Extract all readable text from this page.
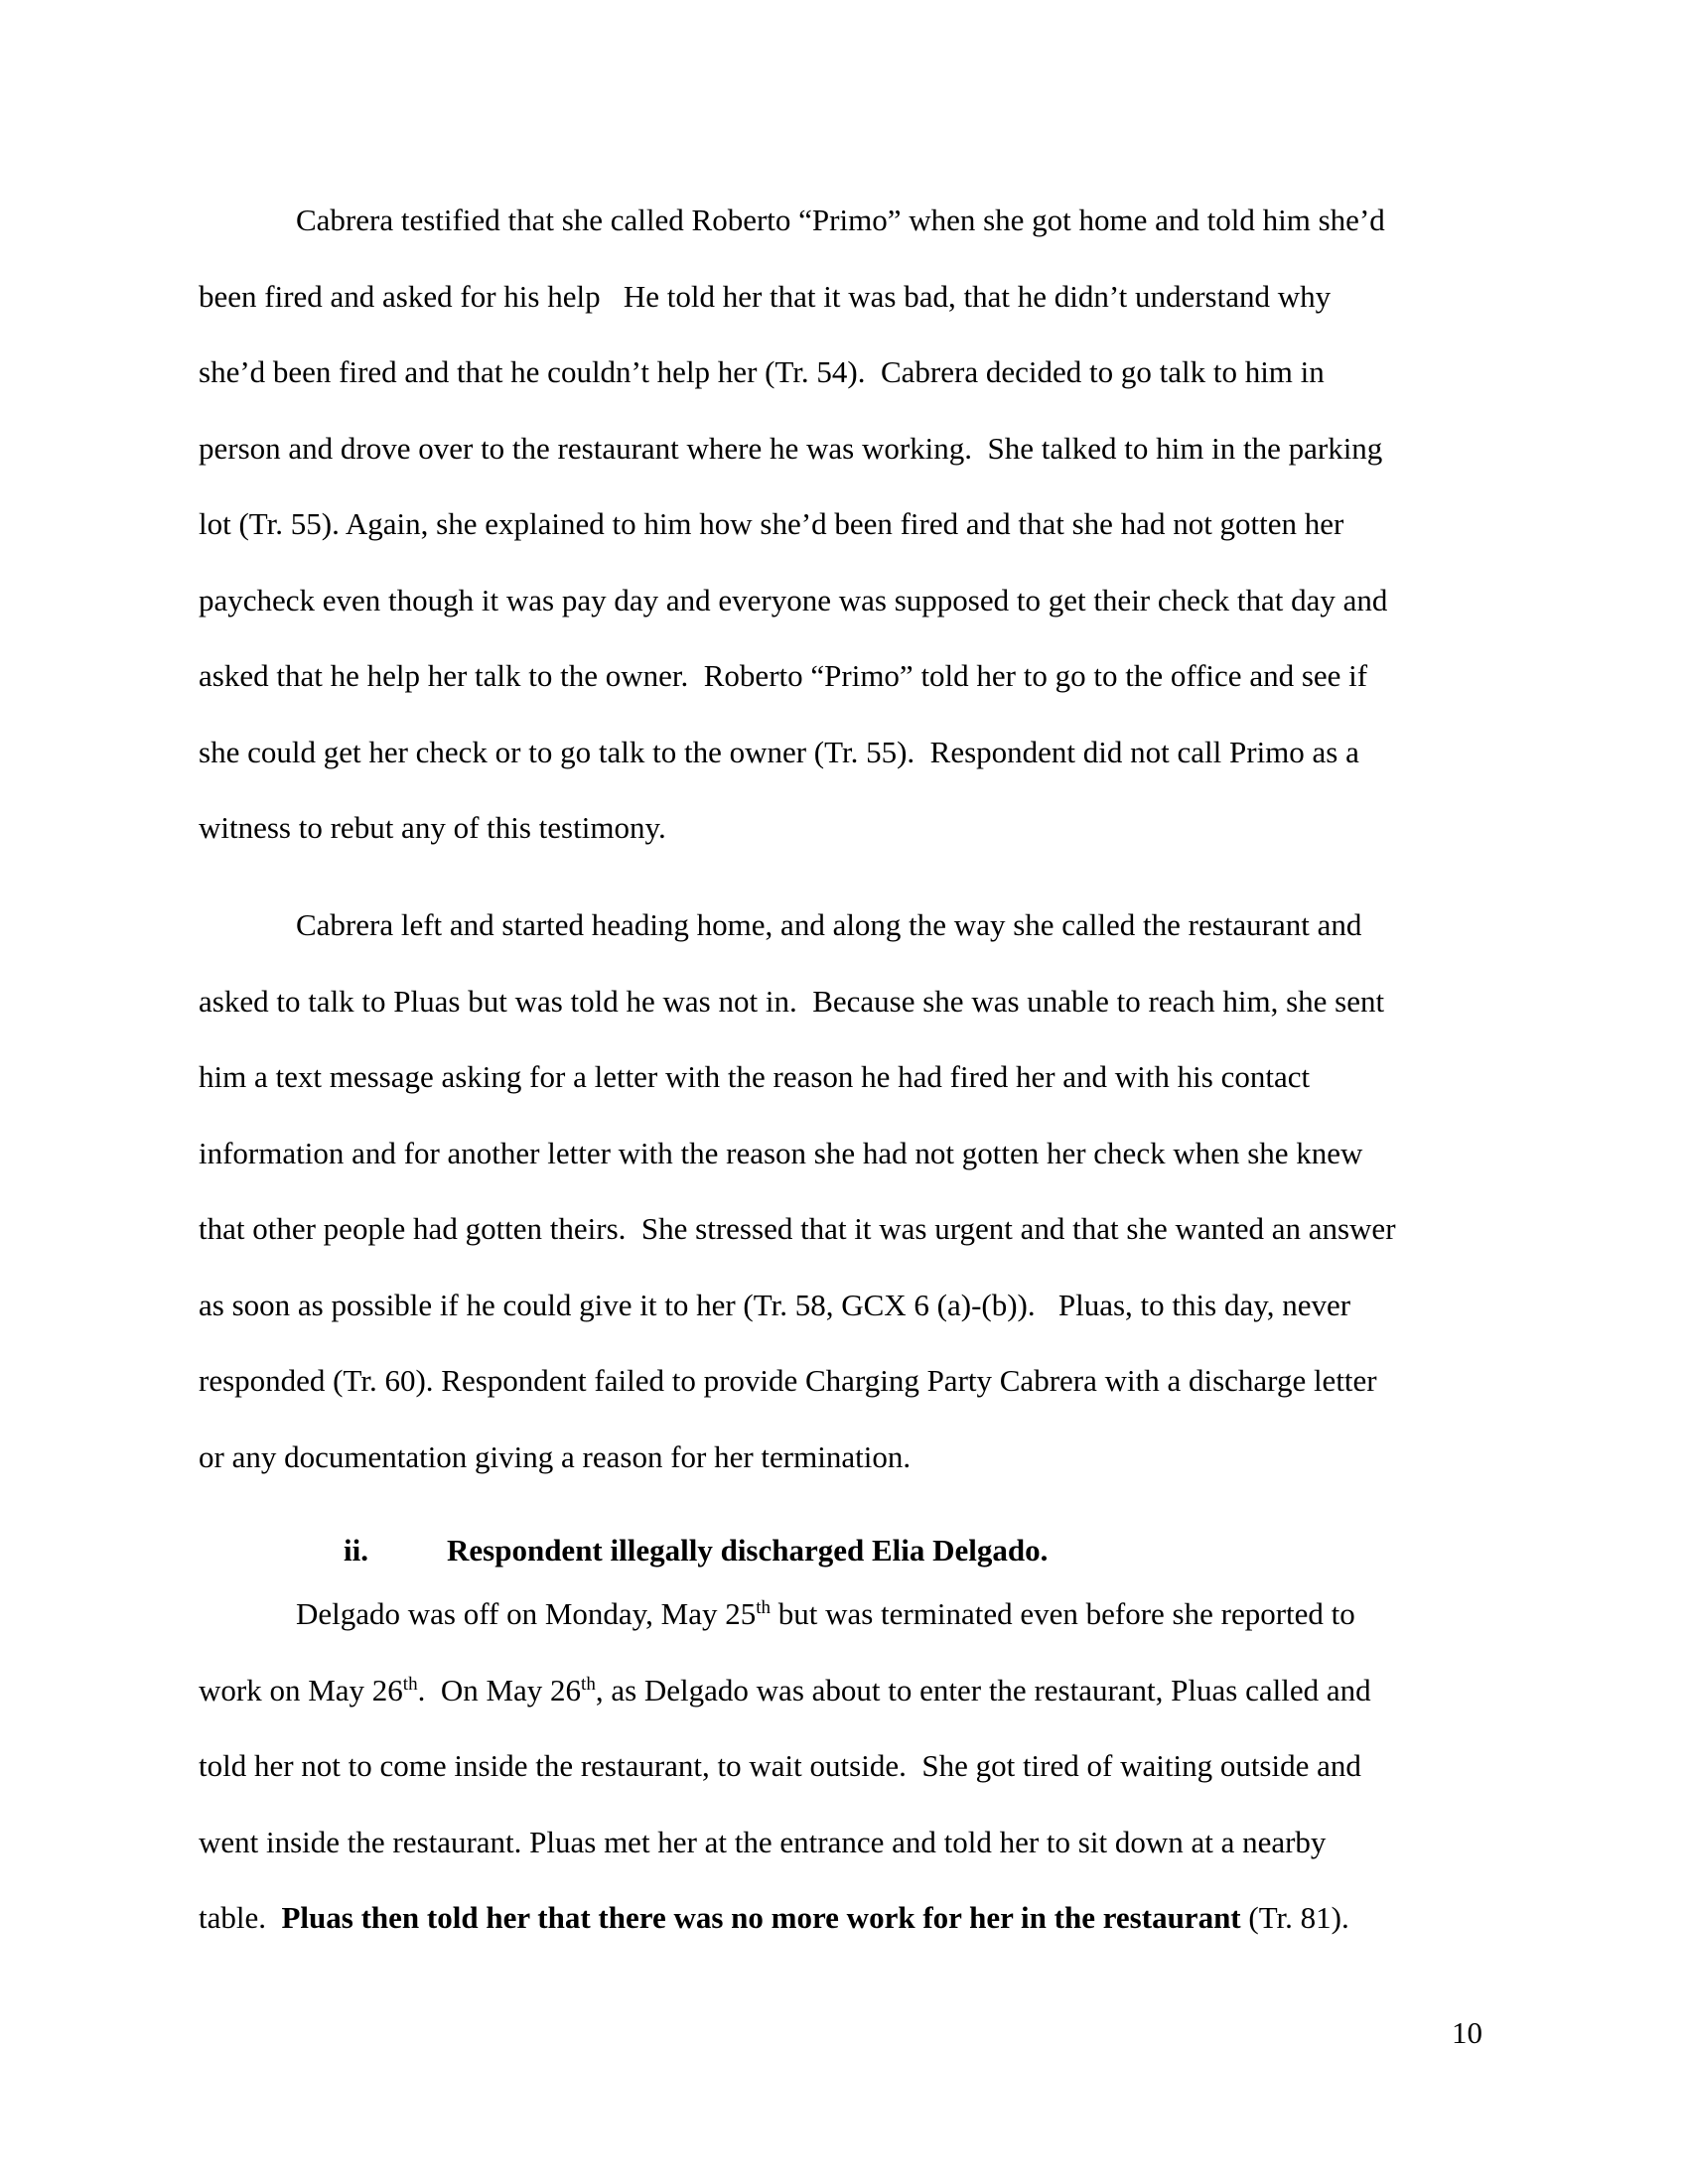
Cabrera testified that she called Roberto “Primo” when she got home and told him she’d
been fired and asked for his help   He told her that it was bad, that he didn’t understand why
she’d been fired and that he couldn’t help her (Tr. 54).  Cabrera decided to go talk to him in
person and drove over to the restaurant where he was working.  She talked to him in the parking
lot (Tr. 55). Again, she explained to him how she’d been fired and that she had not gotten her
paycheck even though it was pay day and everyone was supposed to get their check that day and
asked that he help her talk to the owner.  Roberto “Primo” told her to go to the office and see if
she could get her check or to go talk to the owner (Tr. 55).  Respondent did not call Primo as a
witness to rebut any of this testimony.
Cabrera left and started heading home, and along the way she called the restaurant and
asked to talk to Pluas but was told he was not in.  Because she was unable to reach him, she sent
him a text message asking for a letter with the reason he had fired her and with his contact
information and for another letter with the reason she had not gotten her check when she knew
that other people had gotten theirs.  She stressed that it was urgent and that she wanted an answer
as soon as possible if he could give it to her (Tr. 58, GCX 6 (a)-(b)).   Pluas, to this day, never
responded (Tr. 60). Respondent failed to provide Charging Party Cabrera with a discharge letter
or any documentation giving a reason for her termination.
ii.	Respondent illegally discharged Elia Delgado.
Delgado was off on Monday, May 25th but was terminated even before she reported to
work on May 26th.  On May 26th, as Delgado was about to enter the restaurant, Pluas called and
told her not to come inside the restaurant, to wait outside.  She got tired of waiting outside and
went inside the restaurant. Pluas met her at the entrance and told her to sit down at a nearby
table.  Pluas then told her that there was no more work for her in the restaurant (Tr. 81).
10
